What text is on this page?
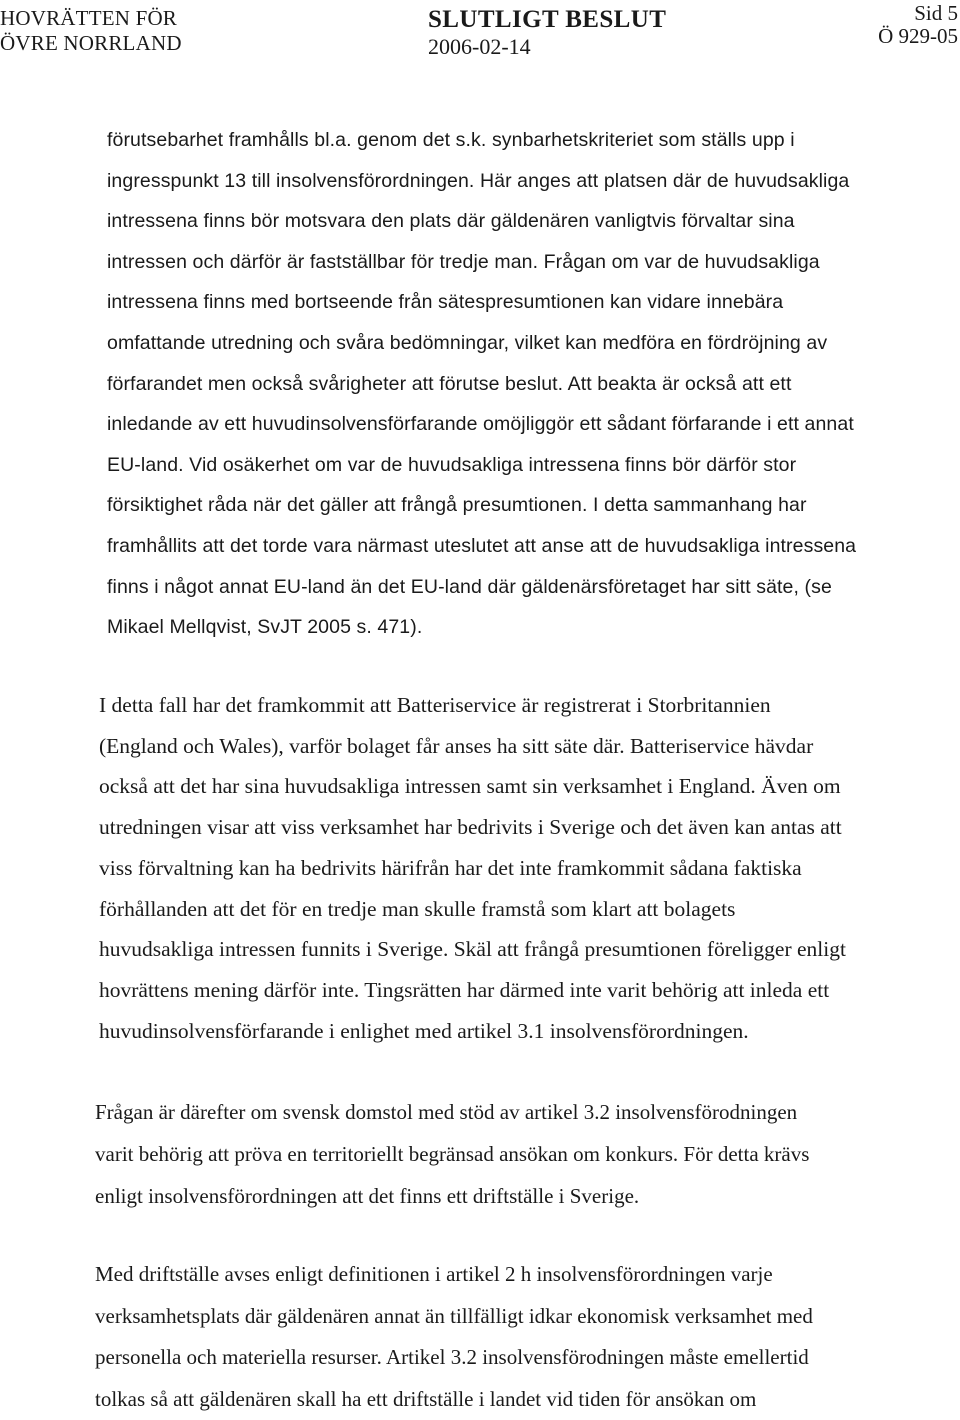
HOVRÄTTEN FÖR
ÖVRE NORRLAND
SLUTLIGT BESLUT
2006-02-14
Sid 5
Ö 929-05
förutsebarhet framhålls bl.a. genom det s.k. synbarhetskriteriet som ställs upp i
ingresspunkt 13 till insolvensförordningen. Här anges att platsen där de huvudsakliga
intressena finns bör motsvara den plats där gäldenären vanligtvis förvaltar sina
intressen och därför är fastställbar för tredje man. Frågan om var de huvudsakliga
intressena finns med bortseende från sätespresumtionen kan vidare innebära
omfattande utredning och svåra bedömningar, vilket kan medföra en fördröjning av
förfarandet men också svårigheter att förutse beslut. Att beakta är också att ett
inledande av ett huvudinsolvensförfarande omöjliggör ett sådant förfarande i ett annat
EU-land. Vid osäkerhet om var de huvudsakliga intressena finns bör därför stor
försiktighet råda när det gäller att frångå presumtionen. I detta sammanhang har
framhållits att det torde vara närmast uteslutet att anse att de huvudsakliga intressena
finns i något annat EU-land än det EU-land där gäldenärsföretaget har sitt säte, (se
Mikael Mellqvist, SvJT 2005 s. 471).
I detta fall har det framkommit att Batteriservice är registrerat i Storbritannien
(England och Wales), varför bolaget får anses ha sitt säte där. Batteriservice hävdar
också att det har sina huvudsakliga intressen samt sin verksamhet i England. Även om
utredningen visar att viss verksamhet har bedrivits i Sverige och det även kan antas att
viss förvaltning kan ha bedrivits härifrån har det inte framkommit sådana faktiska
förhållanden att det för en tredje man skulle framstå som klart att bolagets
huvudsakliga intressen funnits i Sverige. Skäl att frångå presumtionen föreligger enligt
hovrättens mening därför inte. Tingsrätten har därmed inte varit behörig att inleda ett
huvudinsolvensförfarande i enlighet med artikel 3.1 insolvensförordningen.
Frågan är därefter om svensk domstol med stöd av artikel 3.2 insolvensförodningen
varit behörig att pröva en territoriellt begränsad ansökan om konkurs. För detta krävs
enligt insolvensförordningen att det finns ett driftställe i Sverige.
Med driftställe avses enligt definitionen i artikel 2 h insolvensförordningen varje
verksamhetsplats där gäldenären annat än tillfälligt idkar ekonomisk verksamhet med
personella och materiella resurser. Artikel 3.2 insolvensförodningen måste emellertid
tolkas så att gäldenären skall ha ett driftställe i landet vid tiden för ansökan om
